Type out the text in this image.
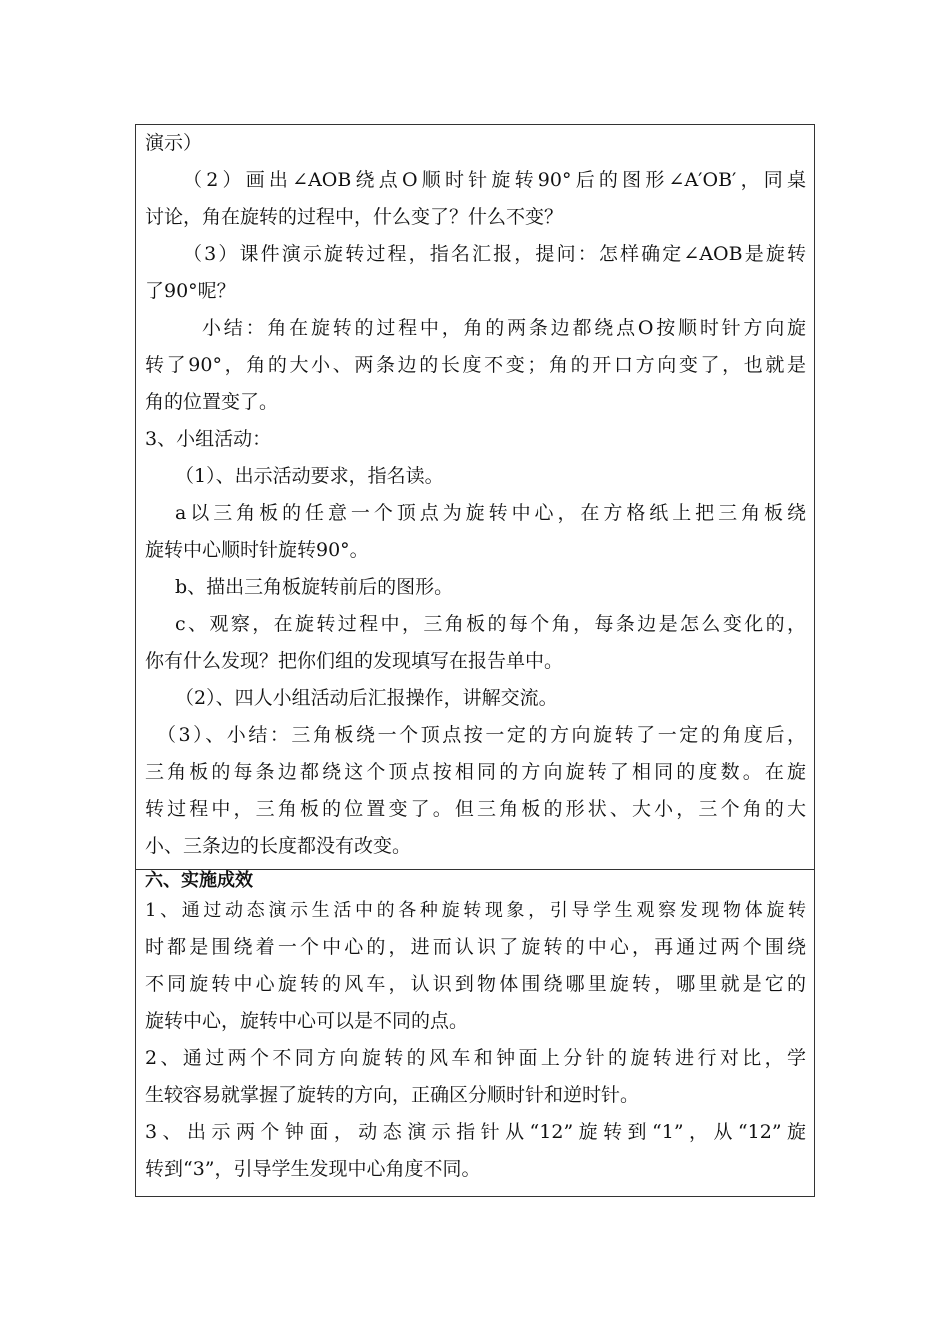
演示）
（2）画出∠AOB绕点O顺时针旋转90°后的图形∠A′OB′，同桌
讨论，角在旋转的过程中，什么变了？什么不变？
（3）课件演示旋转过程，指名汇报，提问：怎样确定∠AOB是旋转
了90°呢？
小结：角在旋转的过程中，角的两条边都绕点O按顺时针方向旋
转了90°，角的大小、两条边的长度不变；角的开口方向变了，也就是
角的位置变了。
3、小组活动：
（1）、出示活动要求，指名读。
a以三角板的任意一个顶点为旋转中心，在方格纸上把三角板绕
旋转中心顺时针旋转90°。
b、描出三角板旋转前后的图形。
c、观察，在旋转过程中，三角板的每个角，每条边是怎么变化的，
你有什么发现？把你们组的发现填写在报告单中。
（2）、四人小组活动后汇报操作，讲解交流。
（3）、小结：三角板绕一个顶点按一定的方向旋转了一定的角度后，
三角板的每条边都绕这个顶点按相同的方向旋转了相同的度数。在旋
转过程中，三角板的位置变了。但三角板的形状、大小，三个角的大
小、三条边的长度都没有改变。
六、实施成效
1、通过动态演示生活中的各种旋转现象，引导学生观察发现物体旋转
时都是围绕着一个中心的，进而认识了旋转的中心，再通过两个围绕
不同旋转中心旋转的风车，认识到物体围绕哪里旋转，哪里就是它的
旋转中心，旋转中心可以是不同的点。
2、通过两个不同方向旋转的风车和钟面上分针的旋转进行对比，学
生较容易就掌握了旋转的方向，正确区分顺时针和逆时针。
3、出示两个钟面，动态演示指针从“12”旋转到“1”，从“12”旋
转到“3”，引导学生发现中心角度不同。
